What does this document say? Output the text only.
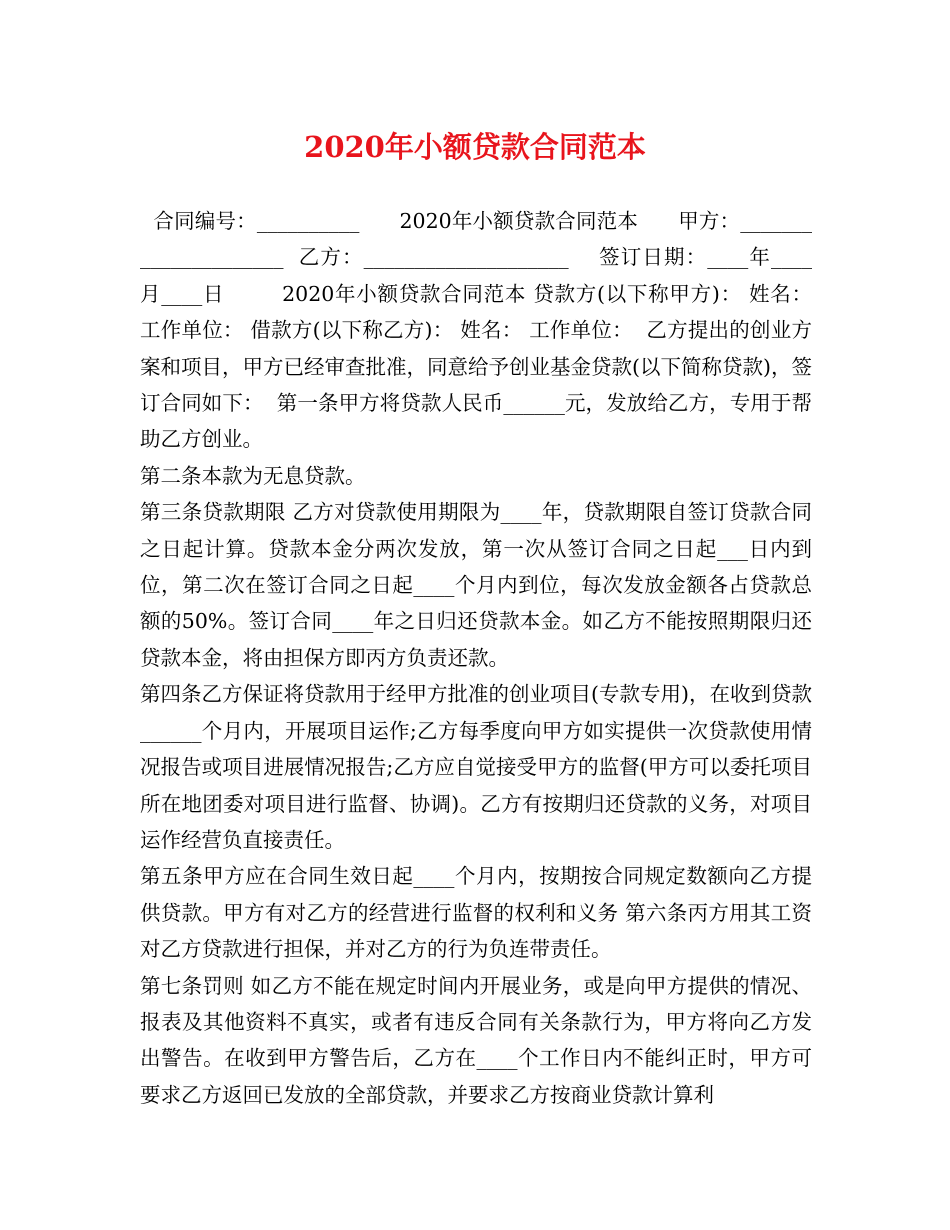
2020年小额贷款合同范本

合同编号：__________      2020年小额贷款合同范本      甲方：_____________________  乙方：____________________    签订日期：____年____月____日        2020年小额贷款合同范本 贷款方(以下称甲方)： 姓名： 工作单位： 借款方(以下称乙方)： 姓名： 工作单位：  乙方提出的创业方案和项目，甲方已经审查批准，同意给予创业基金贷款(以下简称贷款)，签订合同如下：  第一条甲方将贷款人民币______元，发放给乙方，专用于帮助乙方创业。

第二条本款为无息贷款。

第三条贷款期限 乙方对贷款使用期限为____年，贷款期限自签订贷款合同之日起计算。贷款本金分两次发放，第一次从签订合同之日起___日内到位，第二次在签订合同之日起____个月内到位，每次发放金额各占贷款总额的50%。签订合同____年之日归还贷款本金。如乙方不能按照期限归还贷款本金，将由担保方即丙方负责还款。

第四条乙方保证将贷款用于经甲方批准的创业项目(专款专用)，在收到贷款______个月内，开展项目运作;乙方每季度向甲方如实提供一次贷款使用情况报告或项目进展情况报告;乙方应自觉接受甲方的监督(甲方可以委托项目所在地团委对项目进行监督、协调)。乙方有按期归还贷款的义务，对项目运作经营负直接责任。

第五条甲方应在合同生效日起____个月内，按期按合同规定数额向乙方提供贷款。甲方有对乙方的经营进行监督的权利和义务 第六条丙方用其工资对乙方贷款进行担保，并对乙方的行为负连带责任。

第七条罚则 如乙方不能在规定时间内开展业务，或是向甲方提供的情况、报表及其他资料不真实，或者有违反合同有关条款行为，甲方将向乙方发出警告。在收到甲方警告后，乙方在____个工作日内不能纠正时，甲方可要求乙方返回已发放的全部贷款，并要求乙方按商业贷款计算利
